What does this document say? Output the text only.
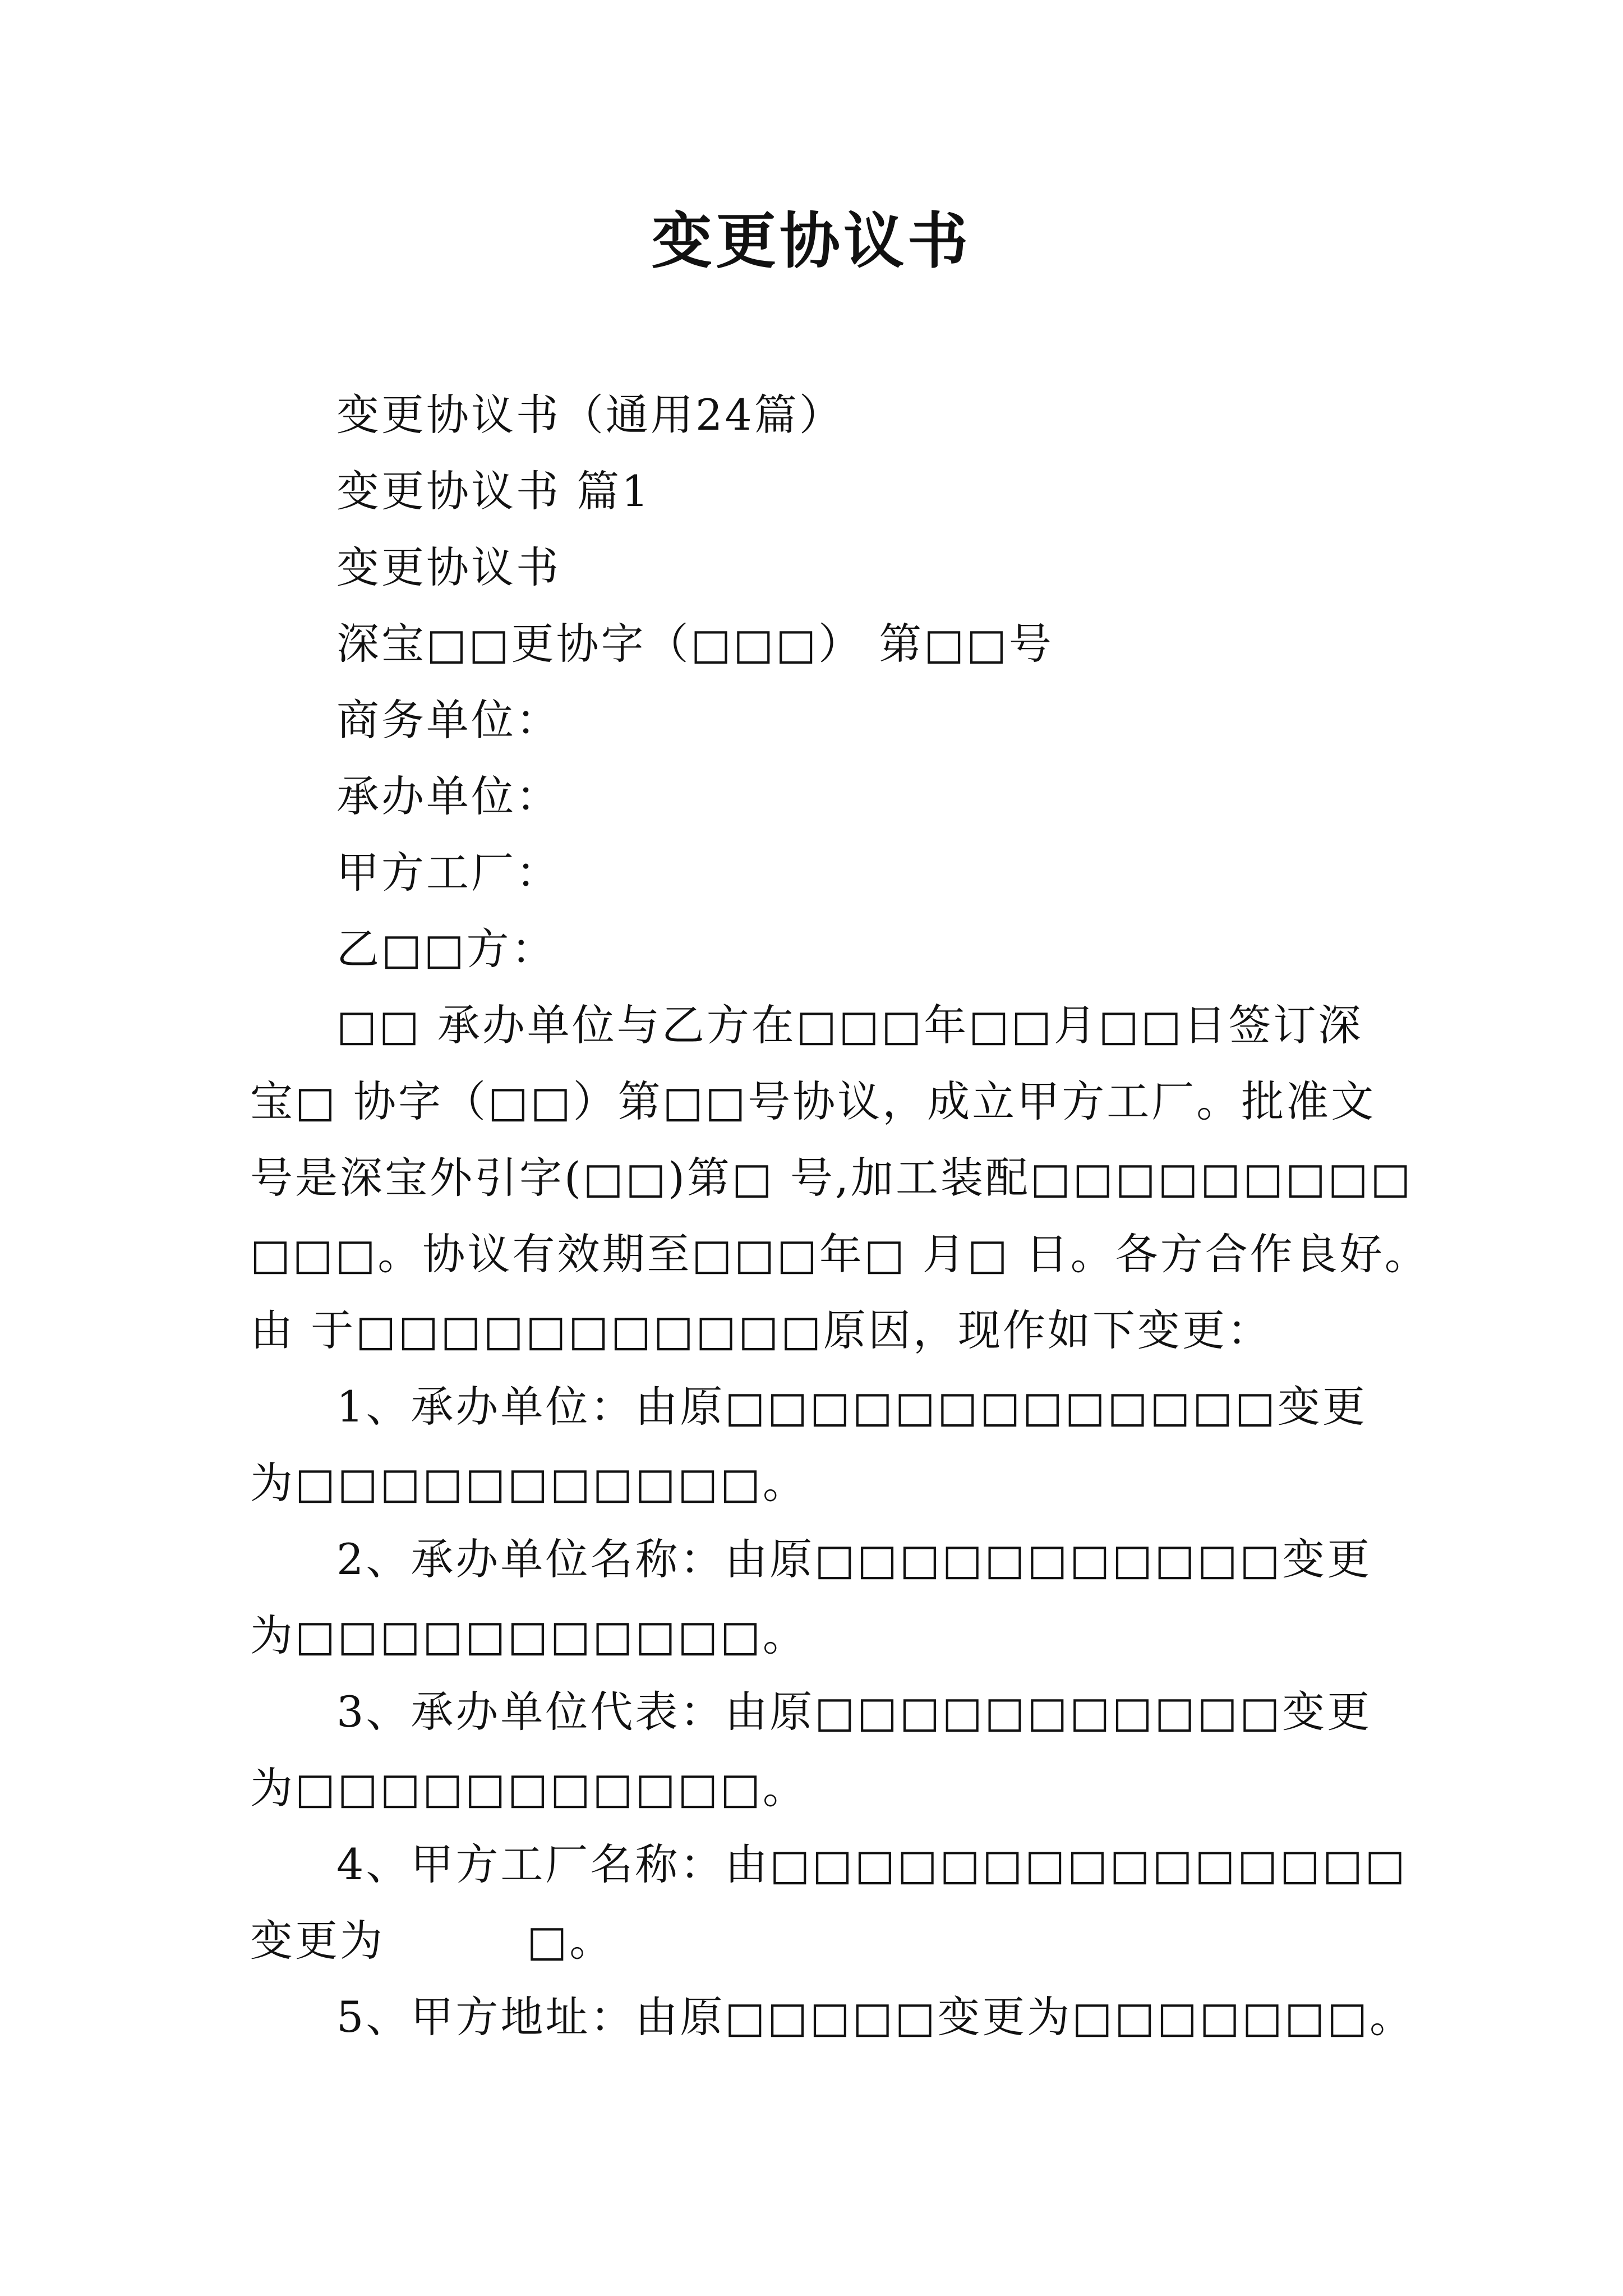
变更协议书
变更协议书（通用24篇）
变更协议书 篇1
变更协议书
深宝□□更协字（□□□） 第□□号
商务单位：
承办单位：
甲方工厂：
乙□□方：
□□ 承办单位与乙方在□□□年□□月□□日签订深
宝□ 协字（□□）第□□号协议，成立甲方工厂。批准文
号是深宝外引字(□□)第□ 号,加工装配□□□□□□□□□
□□□。协议有效期至□□□年□ 月□ 日。各方合作良好。
由 于□□□□□□□□□□□原因，现作如下变更：
1、承办单位：由原□□□□□□□□□□□□□变更
为□□□□□□□□□□□。
2、承办单位名称：由原□□□□□□□□□□□变更
为□□□□□□□□□□□。
3、承办单位代表：由原□□□□□□□□□□□变更
为□□□□□□□□□□□。
4、甲方工厂名称：由□□□□□□□□□□□□□□□
变更为         □。
5、甲方地址：由原□□□□□变更为□□□□□□□。
